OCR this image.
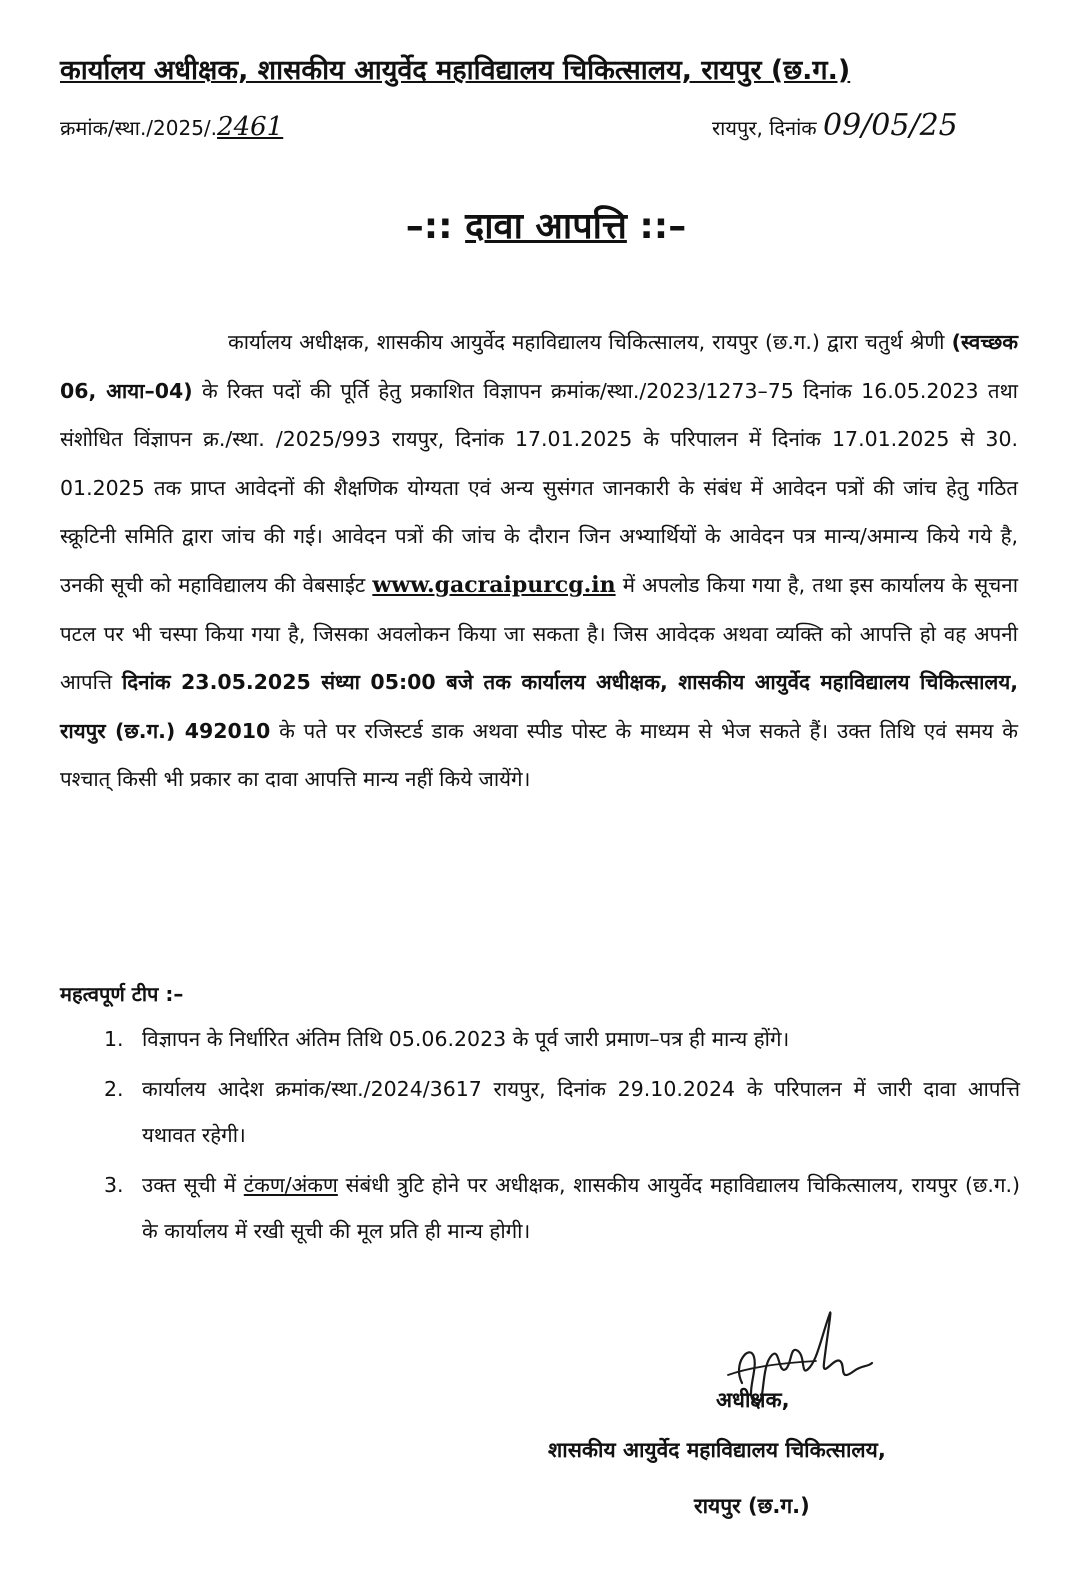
कार्यालय अधीक्षक, शासकीय आयुर्वेद महाविद्यालय चिकित्सालय, रायपुर (छ.ग.)
क्रमांक/स्था./2025/.2461	रायपुर, दिनांक 09/05/25
–:: दावा आपत्ति ::–
कार्यालय अधीक्षक, शासकीय आयुर्वेद महाविद्यालय चिकित्सालय, रायपुर (छ.ग.) द्वारा चतुर्थ श्रेणी (स्वच्छक 06, आया–04) के रिक्त पदों की पूर्ति हेतु प्रकाशित विज्ञापन क्रमांक/स्था./2023/1273–75 दिनांक 16.05.2023 तथा संशोधित विंज्ञापन क्र./स्था. /2025/993 रायपुर, दिनांक 17.01.2025 के परिपालन में दिनांक 17.01.2025 से 30. 01.2025 तक प्राप्त आवेदनों की शैक्षणिक योग्यता एवं अन्य सुसंगत जानकारी के संबंध में आवेदन पत्रों की जांच हेतु गठित स्क्रूटिनी समिति द्वारा जांच की गई। आवेदन पत्रों की जांच के दौरान जिन अभ्यार्थियों के आवेदन पत्र मान्य/अमान्य किये गये है, उनकी सूची को महाविद्यालय की वेबसाईट www.gacraipurcg.in में अपलोड किया गया है, तथा इस कार्यालय के सूचना पटल पर भी चस्पा किया गया है, जिसका अवलोकन किया जा सकता है। जिस आवेदक अथवा व्यक्ति को आपत्ति हो वह अपनी आपत्ति दिनांक 23.05.2025 संध्या 05:00 बजे तक कार्यालय अधीक्षक, शासकीय आयुर्वेद महाविद्यालय चिकित्सालय, रायपुर (छ.ग.) 492010 के पते पर रजिस्टर्ड डाक अथवा स्पीड पोस्ट के माध्यम से भेज सकते हैं। उक्त तिथि एवं समय के पश्चात् किसी भी प्रकार का दावा आपत्ति मान्य नहीं किये जायेंगे।
महत्वपूर्ण टीप :–
1. विज्ञापन के निर्धारित अंतिम तिथि 05.06.2023 के पूर्व जारी प्रमाण–पत्र ही मान्य होंगे।
2. कार्यालय आदेश क्रमांक/स्था./2024/3617 रायपुर, दिनांक 29.10.2024 के परिपालन में जारी दावा आपत्ति यथावत रहेगी।
3. उक्त सूची में टंकण/अंकण संबंधी त्रुटि होने पर अधीक्षक, शासकीय आयुर्वेद महाविद्यालय चिकित्सालय, रायपुर (छ.ग.) के कार्यालय में रखी सूची की मूल प्रति ही मान्य होगी।
अधीक्षक,
शासकीय आयुर्वेद महाविद्यालय चिकित्सालय,
रायपुर (छ.ग.)
